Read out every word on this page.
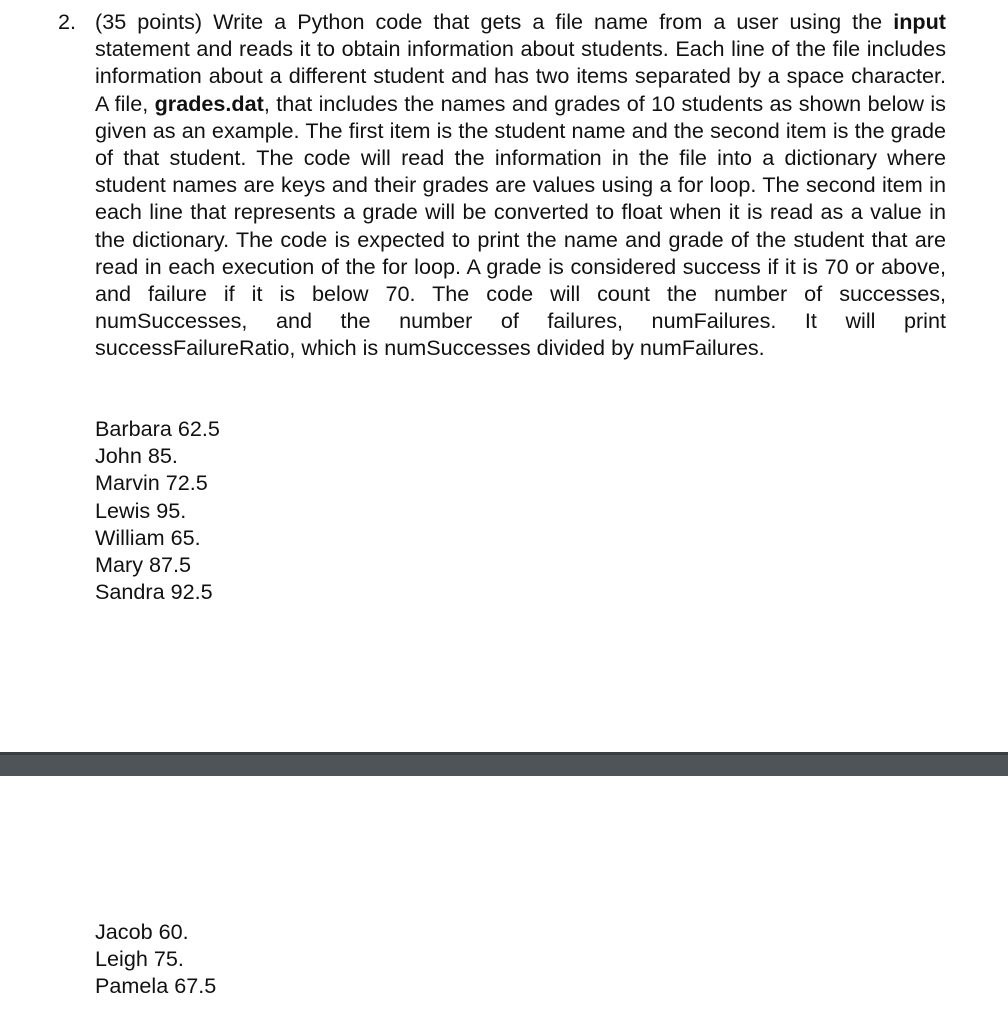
2. (35 points) Write a Python code that gets a file name from a user using the input statement and reads it to obtain information about students. Each line of the file includes information about a different student and has two items separated by a space character. A file, grades.dat, that includes the names and grades of 10 students as shown below is given as an example. The first item is the student name and the second item is the grade of that student. The code will read the information in the file into a dictionary where student names are keys and their grades are values using a for loop. The second item in each line that represents a grade will be converted to float when it is read as a value in the dictionary. The code is expected to print the name and grade of the student that are read in each execution of the for loop. A grade is considered success if it is 70 or above, and failure if it is below 70. The code will count the number of successes, numSuccesses, and the number of failures, numFailures. It will print successFailureRatio, which is numSuccesses divided by numFailures.
Barbara 62.5
John 85.
Marvin 72.5
Lewis 95.
William 65.
Mary 87.5
Sandra 92.5
Jacob 60.
Leigh 75.
Pamela 67.5
